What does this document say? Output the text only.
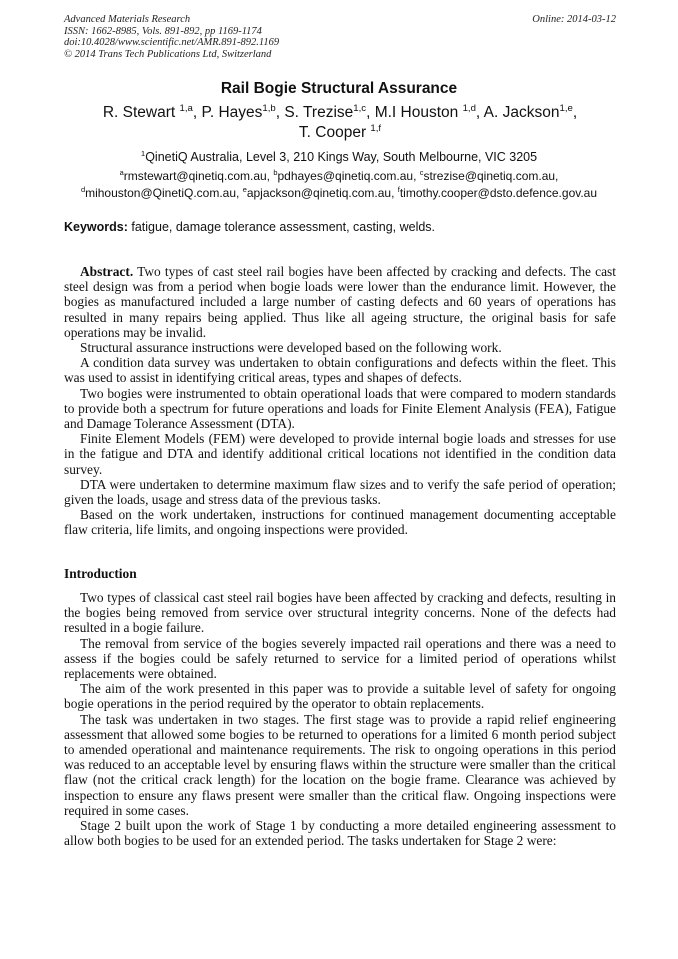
Advanced Materials Research
ISSN: 1662-8985, Vols. 891-892, pp 1169-1174
doi:10.4028/www.scientific.net/AMR.891-892.1169
© 2014 Trans Tech Publications Ltd, Switzerland
Online: 2014-03-12
Rail Bogie Structural Assurance
R. Stewart $^{1,a}$, P. Hayes$^{1,b}$, S. Trezise$^{1,c}$, M.I Houston $^{1,d}$, A. Jackson$^{1,e}$,
T. Cooper $^{1,f}$
$^1$QinetiQ Australia, Level 3, 210 Kings Way, South Melbourne, VIC 3205
$^a$rmstewart@qinetiq.com.au, $^b$pdhayes@qinetiq.com.au, $^c$strezise@qinetiq.com.au,
$^d$mihouston@QinetiQ.com.au, $^e$apjackson@qinetiq.com.au, $^f$timothy.cooper@dsto.defence.gov.au
Keywords: fatigue, damage tolerance assessment, casting, welds.

Abstract. Two types of cast steel rail bogies have been affected by cracking and defects. The cast steel design was from a period when bogie loads were lower than the endurance limit. However, the bogies as manufactured included a large number of casting defects and 60 years of operations has resulted in many repairs being applied. Thus like all ageing structure, the original basis for safe operations may be invalid.

Structural assurance instructions were developed based on the following work.

A condition data survey was undertaken to obtain configurations and defects within the fleet. This was used to assist in identifying critical areas, types and shapes of defects.

Two bogies were instrumented to obtain operational loads that were compared to modern standards to provide both a spectrum for future operations and loads for Finite Element Analysis (FEA), Fatigue and Damage Tolerance Assessment (DTA).

Finite Element Models (FEM) were developed to provide internal bogie loads and stresses for use in the fatigue and DTA and identify additional critical locations not identified in the condition data survey.

DTA were undertaken to determine maximum flaw sizes and to verify the safe period of operation; given the loads, usage and stress data of the previous tasks.

Based on the work undertaken, instructions for continued management documenting acceptable flaw criteria, life limits, and ongoing inspections were provided.

Introduction

Two types of classical cast steel rail bogies have been affected by cracking and defects, resulting in the bogies being removed from service over structural integrity concerns. None of the defects had resulted in a bogie failure.

The removal from service of the bogies severely impacted rail operations and there was a need to assess if the bogies could be safely returned to service for a limited period of operations whilst replacements were obtained.

The aim of the work presented in this paper was to provide a suitable level of safety for ongoing bogie operations in the period required by the operator to obtain replacements.

The task was undertaken in two stages. The first stage was to provide a rapid relief engineering assessment that allowed some bogies to be returned to operations for a limited 6 month period subject to amended operational and maintenance requirements. The risk to ongoing operations in this period was reduced to an acceptable level by ensuring flaws within the structure were smaller than the critical flaw (not the critical crack length) for the location on the bogie frame. Clearance was achieved by inspection to ensure any flaws present were smaller than the critical flaw. Ongoing inspections were required in some cases.

Stage 2 built upon the work of Stage 1 by conducting a more detailed engineering assessment to allow both bogies to be used for an extended period. The tasks undertaken for Stage 2 were:
